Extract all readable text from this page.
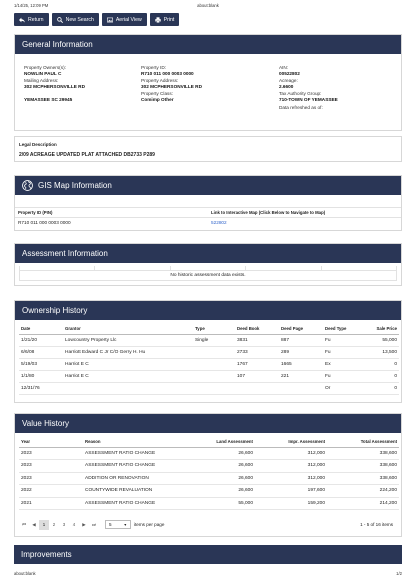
1/14/25, 12:09 PM	about:blank
Return	New Search	Aerial View	Print
General Information
Property Owners(s):
NOWLIN PAUL C
Mailing Address:
302 MCPHERSONVILLE RD
YEMASSEE SC 29945
Property ID:
R710 011 000 0003 0000
Property Address:
302 MCPHERSONVILLE RD
Property Class:
Comimp Other
AIN:
00522802
Acreage:
2.6600
Tax Authority Group:
710-TOWN OF YEMASSEE
Data refreshed as of:
Legal Description
2/09 ACREAGE UPDATED PLAT ATTACHED DB2733 P289
GIS Map Information
Property ID (PIN)	Link to Interactive Map (Click Below to Navigate to Map)
R710 011 000 0003 0000	522802
Assessment Information
No historic assessment data exists.
Ownership History
Date	Grantor	Type	Deed Book	Deed Page	Deed Type	Sale Price
1/21/20	Lowcountry Property Llc	Single	3831	887	Fu	55,000
6/6/08	Harriott Edward C Jr C/O Gerry H. Hu		2733	289	Fu	13,500
5/19/03	Harriot E C		1767	1665	Ex	0
1/1/80	Harriot E C		107	221	Fu	0
12/31/76					Or	0
Value History
Year	Reason	Land Assessment	Impr. Assessment	Total Assessment
2023	ASSESSMENT RATIO CHANGE	26,600	312,000	338,600
2023	ASSESSMENT RATIO CHANGE	26,600	312,000	338,600
2023	ADDITION OR RENOVATION	26,600	312,000	338,600
2022	COUNTYWIDE REVALUATION	26,600	197,600	224,200
2021	ASSESSMENT RATIO CHANGE	55,000	159,200	214,200
⏮	◀	1	2	3	4	▶	⏭	5	▼ items per page	1 - 5 of 16 items
Improvements
about:blank	1/2
